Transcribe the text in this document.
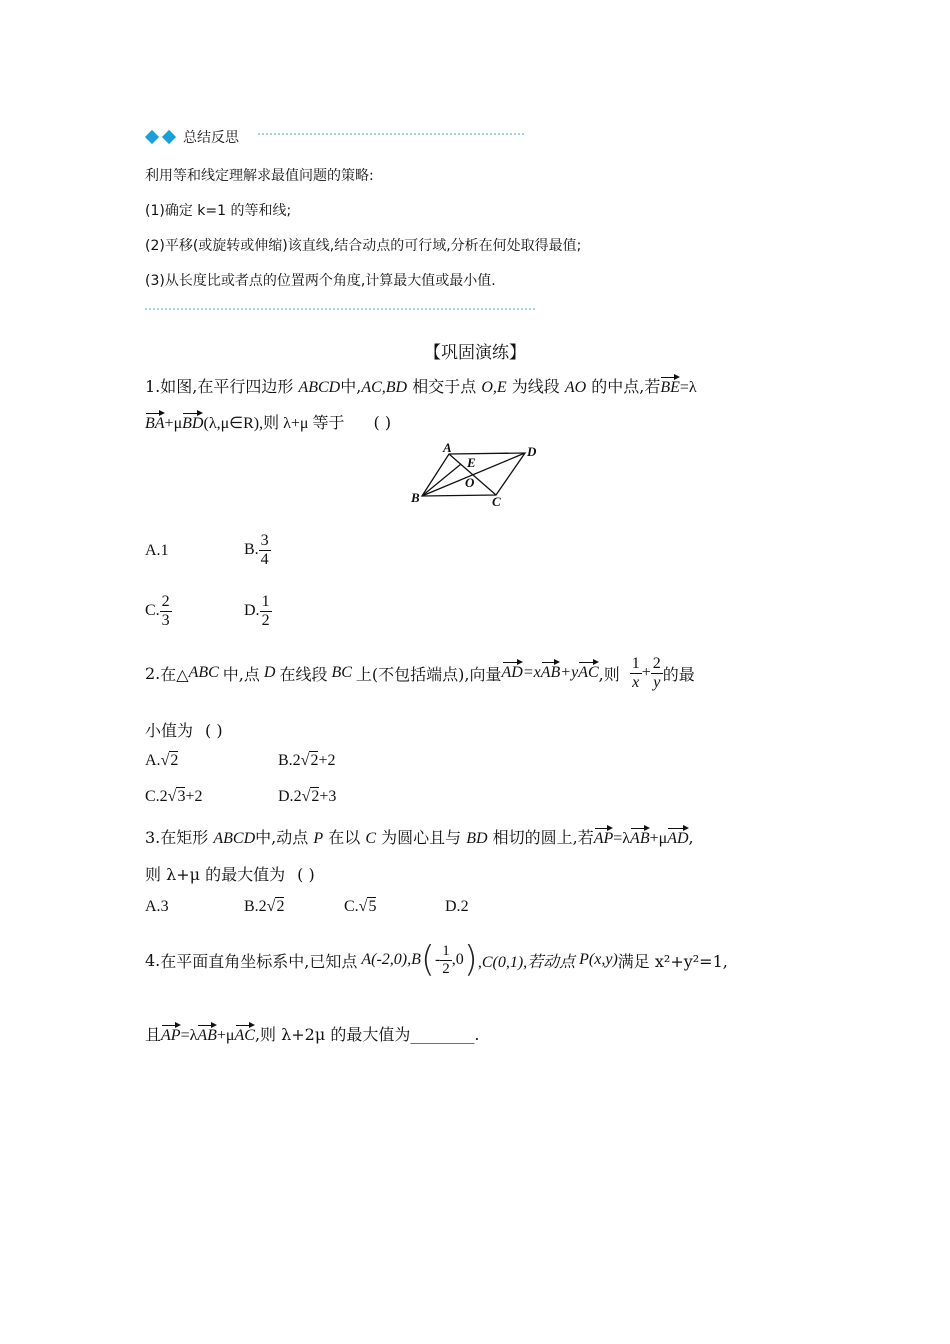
总结反思
利用等和线定理解求最值问题的策略:
(1)确定 k=1 的等和线;
(2)平移(或旋转或伸缩)该直线,结合动点的可行域,分析在何处取得最值;
(3)从长度比或者点的位置两个角度,计算最大值或最小值.
【巩固演练】
1.如图,在平行四边形 ABCD中,AC,BD 相交于点 O,E 为线段 AO 的中点,若BE=λ
BA+μBD(λ,μ∈R),则 λ+μ 等于 ( )
A	D
E
O
B	C
A.1	B. $\frac{3}{4}$
C. $\frac{2}{3}$	D. $\frac{1}{2}$
2. 在△ ABC 中,点 D 在线段 BC 上(不包括端点),向量 AD =x AB +y AC ,则 $\frac{1}{x} + \frac{2}{y}$ 的最
小值为 ( )
A.√2	B.2√2+2
C.2√3+2	D.2√2+3
3.在矩形 ABCD中,动点 P 在以 C 为圆心且与 BD 相切的圆上,若AP=λAB+μAD,
则 λ+μ 的最大值为 ( )
A.3	B.2√2	C.√5	D.2
4. 在平面直角坐标系中,已知点 A(-2,0),B ( - $\frac{1}{2} ,0$ ) ,C(0,1),若动点 P(x,y) 满足 x²+y²=1,
且AP=λAB+μAC,则 λ+2μ 的最大值为________.
